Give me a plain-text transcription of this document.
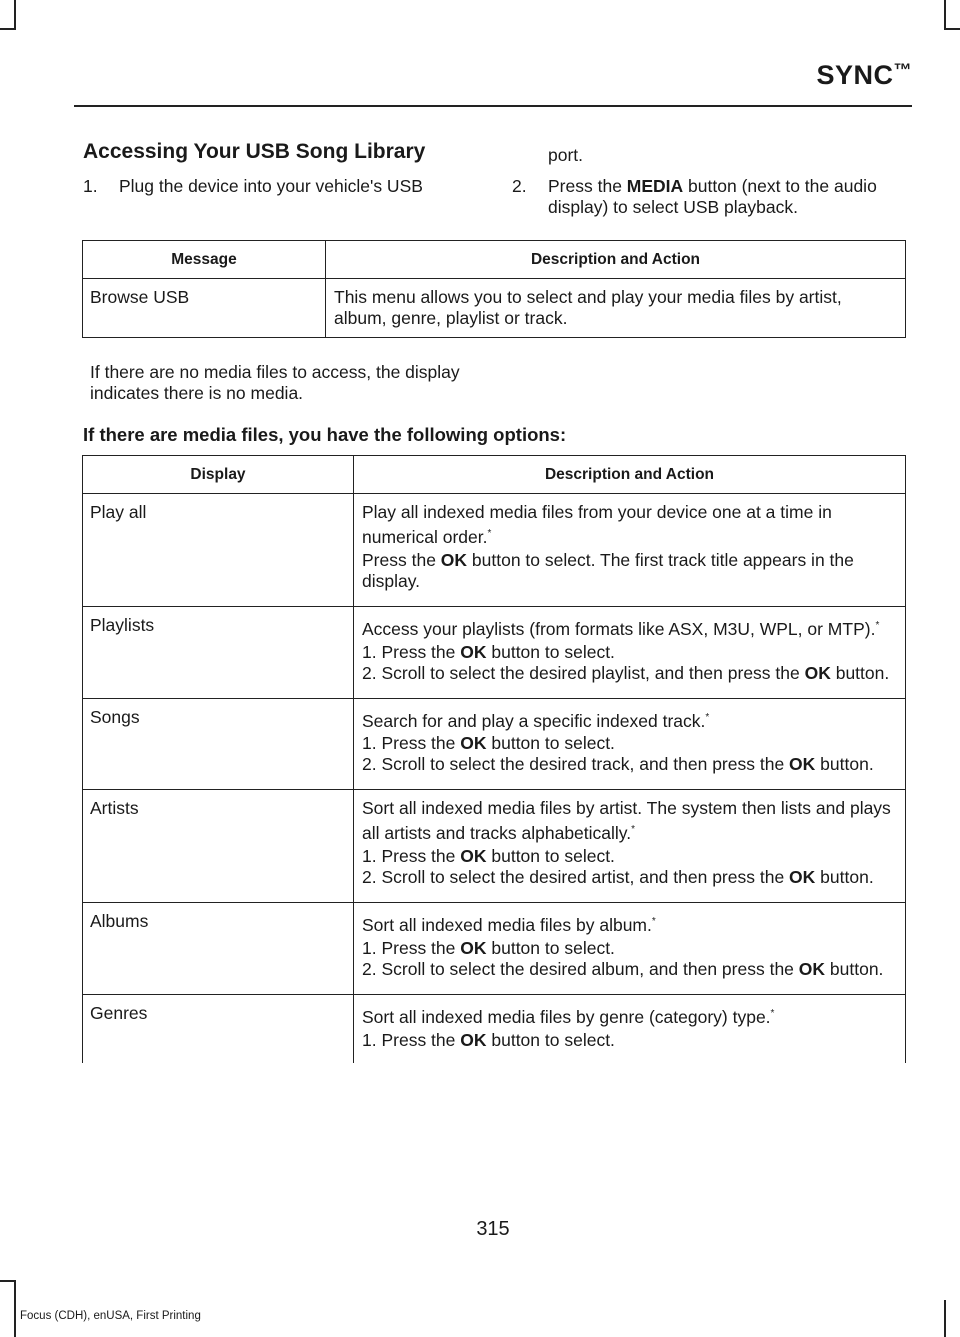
SYNC™
Accessing Your USB Song Library
1.	Plug the device into your vehicle's USB
port.
2.	Press the MEDIA button (next to the audio display) to select USB playback.
Message	Description and Action
Browse USB	This menu allows you to select and play your media files by artist, album, genre, playlist or track.
If there are no media files to access, the display indicates there is no media.
If there are media files, you have the following options:
Display	Description and Action
Play all	Play all indexed media files from your device one at a time in numerical order.*
Press the OK button to select. The first track title appears in the display.

Playlists	Access your playlists (from formats like ASX, M3U, WPL, or MTP).*
1. Press the OK button to select.
2. Scroll to select the desired playlist, and then press the OK button.

Songs	Search for and play a specific indexed track.*
1. Press the OK button to select.
2. Scroll to select the desired track, and then press the OK button.

Artists	Sort all indexed media files by artist. The system then lists and plays all artists and tracks alphabetically.*
1. Press the OK button to select.
2. Scroll to select the desired artist, and then press the OK button.

Albums	Sort all indexed media files by album.*
1. Press the OK button to select.
2. Scroll to select the desired album, and then press the OK button.

Genres	Sort all indexed media files by genre (category) type.*
1. Press the OK button to select.
315
Focus (CDH), enUSA, First Printing
